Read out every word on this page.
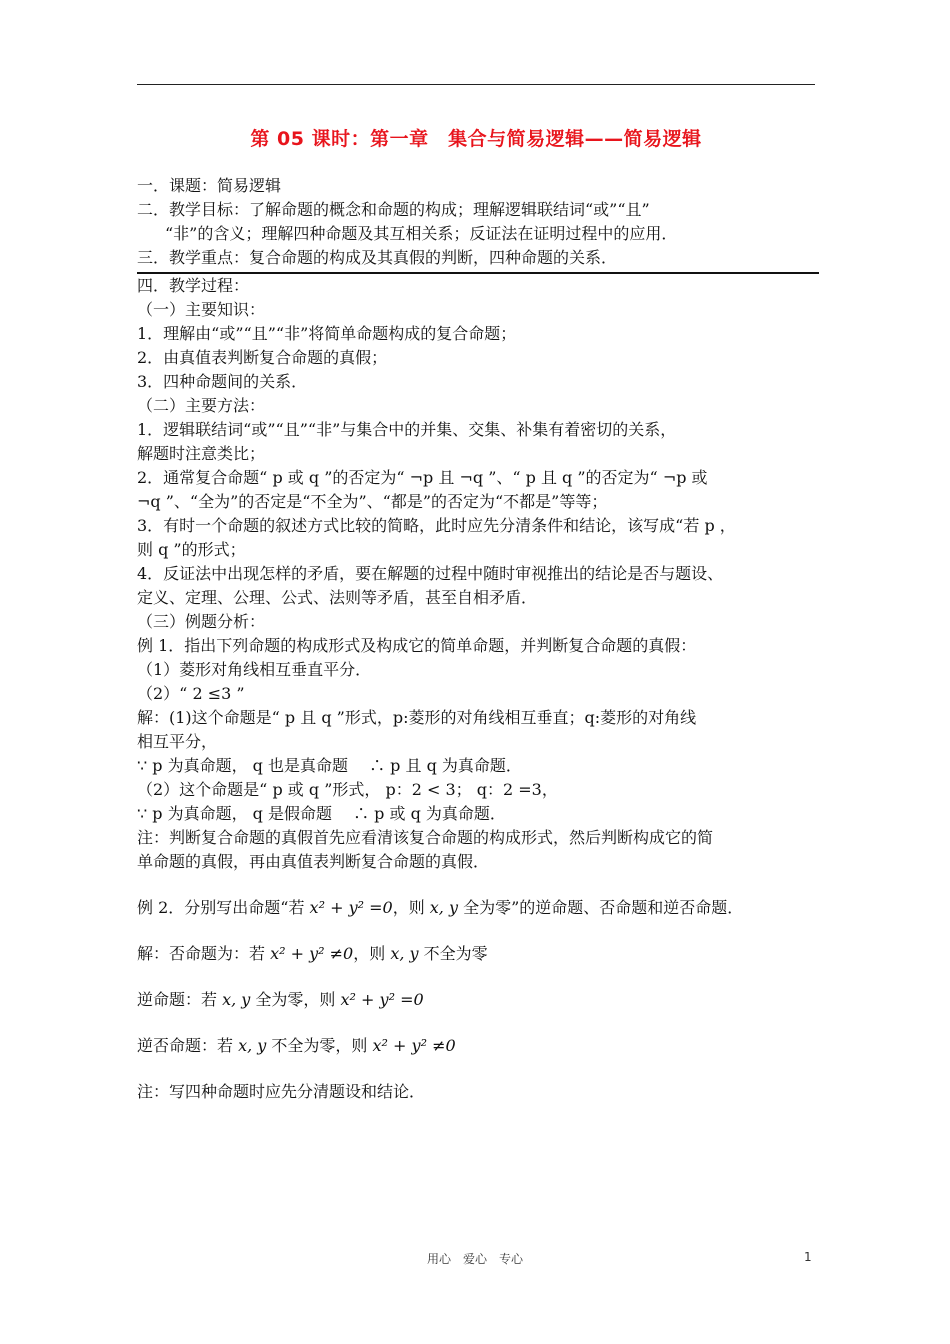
第 05 课时：第一章　集合与简易逻辑——简易逻辑

一．课题：简易逻辑

二．教学目标：了解命题的概念和命题的构成；理解逻辑联结词“或”“且”

“非”的含义；理解四种命题及其互相关系；反证法在证明过程中的应用．

三．教学重点：复合命题的构成及其真假的判断，四种命题的关系．

四．教学过程：

（一）主要知识：

1．理解由“或”“且”“非”将简单命题构成的复合命题；

2．由真值表判断复合命题的真假；

3．四种命题间的关系．

（二）主要方法：

1．逻辑联结词“或”“且”“非”与集合中的并集、交集、补集有着密切的关系，

解题时注意类比；

2．通常复合命题“ p 或 q ”的否定为“ ¬p 且 ¬q ”、“ p 且 q ”的否定为“ ¬p 或

¬q ”、“全为”的否定是“不全为”、“都是”的否定为“不都是”等等；

3．有时一个命题的叙述方式比较的简略，此时应先分清条件和结论，该写成“若 p ，

则 q ”的形式；

4．反证法中出现怎样的矛盾，要在解题的过程中随时审视推出的结论是否与题设、

定义、定理、公理、公式、法则等矛盾，甚至自相矛盾．

（三）例题分析：

例 1．指出下列命题的构成形式及构成它的简单命题，并判断复合命题的真假：

（1）菱形对角线相互垂直平分．

（2）“ 2 ≤3 ”

解：(1)这个命题是“ p 且 q ”形式，p:菱形的对角线相互垂直；q:菱形的对角线

相互平分，

∵ p 为真命题， q 也是真命题　 ∴ p 且 q 为真命题．

（2）这个命题是“ p 或 q ”形式， p：2 < 3； q：2 =3，

∵ p 为真命题， q 是假命题　 ∴ p 或 q 为真命题．

注：判断复合命题的真假首先应看清该复合命题的构成形式，然后判断构成它的简

单命题的真假，再由真值表判断复合命题的真假．

例 2．分别写出命题“若 x² + y² =0，则 x, y 全为零”的逆命题、否命题和逆否命题．

解：否命题为：若 x² + y² ≠0，则 x, y 不全为零

逆命题：若 x, y 全为零，则 x² + y² =0

逆否命题：若 x, y 不全为零，则 x² + y² ≠0

注：写四种命题时应先分清题设和结论．

用心　爱心　专心	1
